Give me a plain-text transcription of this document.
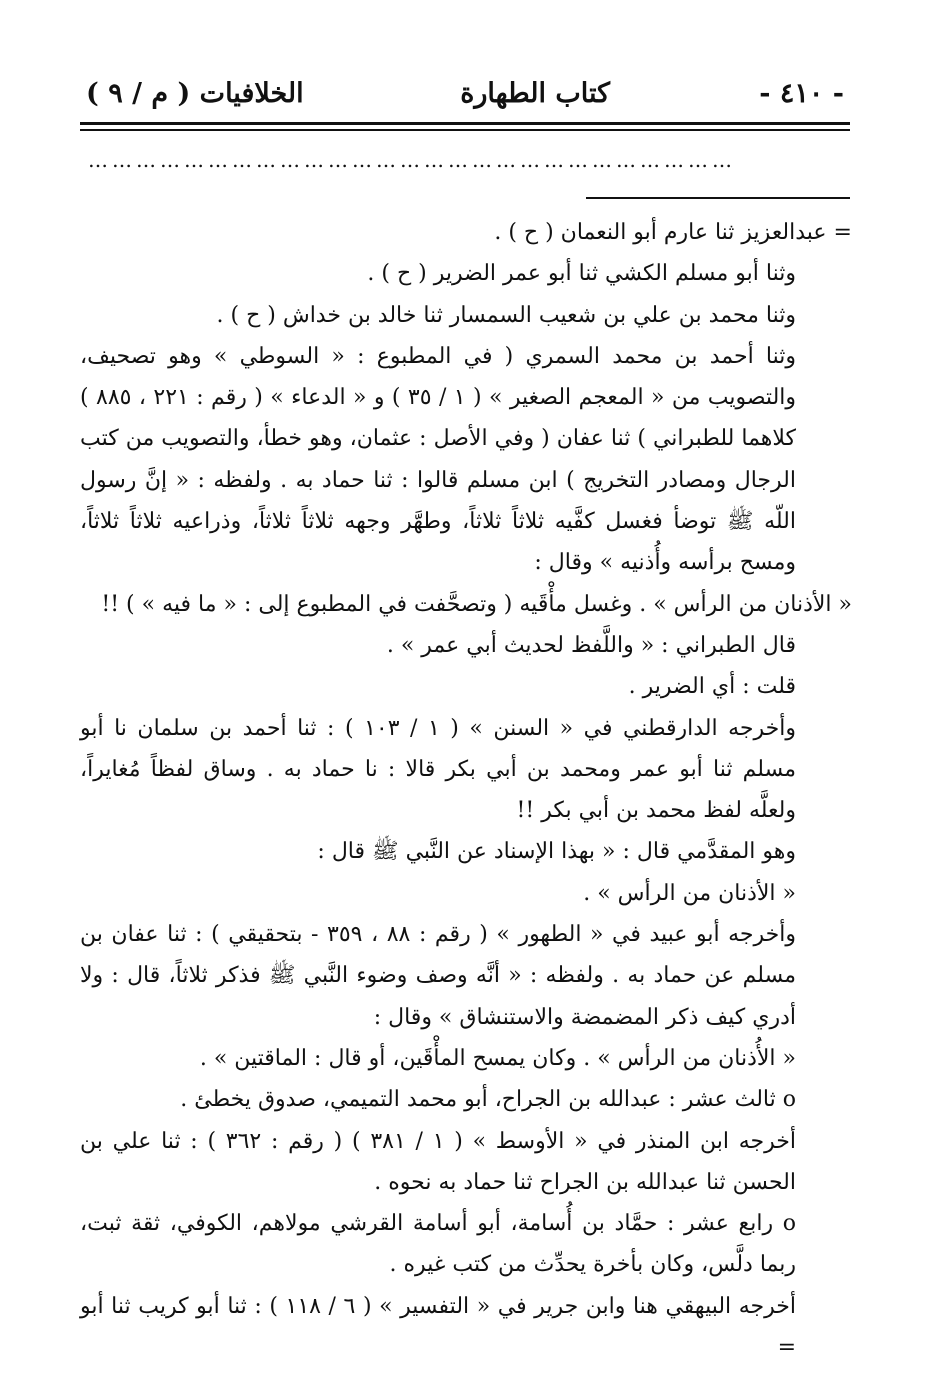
- ٤١٠ -
كتاب الطهارة
الخلافيات ( م / ٩ )
………………………………………………………………………

= عبدالعزيز ثنا عارم أبو النعمان ( ح ) .

وثنا أبو مسلم الكشي ثنا أبو عمر الضرير ( ح ) .

وثنا محمد بن علي بن شعيب السمسار ثنا خالد بن خداش ( ح ) .

وثنا أحمد بن محمد السمري ( في المطبوع : « السوطي » وهو تصحيف، والتصويب من « المعجم الصغير » ( ١ / ٣٥ ) و « الدعاء » ( رقم : ٢٢١ ، ٨٨٥ ) كلاهما للطبراني ) ثنا عفان ( وفي الأصل : عثمان، وهو خطأ، والتصويب من كتب الرجال ومصادر التخريج ) ابن مسلم قالوا : ثنا حماد به . ولفظه : « إنَّ رسول اللّه ﷺ توضأ فغسل كفَّيه ثلاثاً ثلاثاً، وطهَّر وجهه ثلاثاً ثلاثاً، وذراعيه ثلاثاً ثلاثاً، ومسح برأسه وأُذنيه » وقال :

« الأذنان من الرأس » . وغسل مأْقَيه ( وتصحَّفت في المطبوع إلى : « ما فيه » ) !!

قال الطبراني : « واللَّفظ لحديث أبي عمر » .

قلت : أي الضرير .

وأخرجه الدارقطني في « السنن » ( ١ / ١٠٣ ) : ثنا أحمد بن سلمان نا أبو مسلم ثنا أبو عمر ومحمد بن أبي بكر قالا : نا حماد به . وساق لفظاً مُغايراً، ولعلَّه لفظ محمد بن أبي بكر !!

وهو المقدَّمي قال : « بهذا الإسناد عن النَّبي ﷺ قال :

« الأذنان من الرأس » .

وأخرجه أبو عبيد في « الطهور » ( رقم : ٨٨ ، ٣٥٩ - بتحقيقي ) : ثنا عفان بن مسلم عن حماد به . ولفظه : « أنَّه وصف وضوء النَّبي ﷺ فذكر ثلاثاً، قال : ولا أدري كيف ذكر المضمضة والاستنشاق » وقال :

« الأُذنان من الرأس » . وكان يمسح المأْقَين، أو قال : الماقتين » .

o ثالث عشر : عبدالله بن الجراح، أبو محمد التميمي، صدوق يخطئ .

أخرجه ابن المنذر في « الأوسط » ( ١ / ٣٨١ ) ( رقم : ٣٦٢ ) : ثنا علي بن الحسن ثنا عبدالله بن الجراح ثنا حماد به نحوه .

o رابع عشر : حمَّاد بن أُسامة، أبو أسامة القرشي مولاهم، الكوفي، ثقة ثبت، ربما دلَّس، وكان بأخرة يحدِّث من كتب غيره .

أخرجه البيهقي هنا وابن جرير في « التفسير » ( ٦ / ١١٨ ) : ثنا أبو كريب ثنا أبو =
